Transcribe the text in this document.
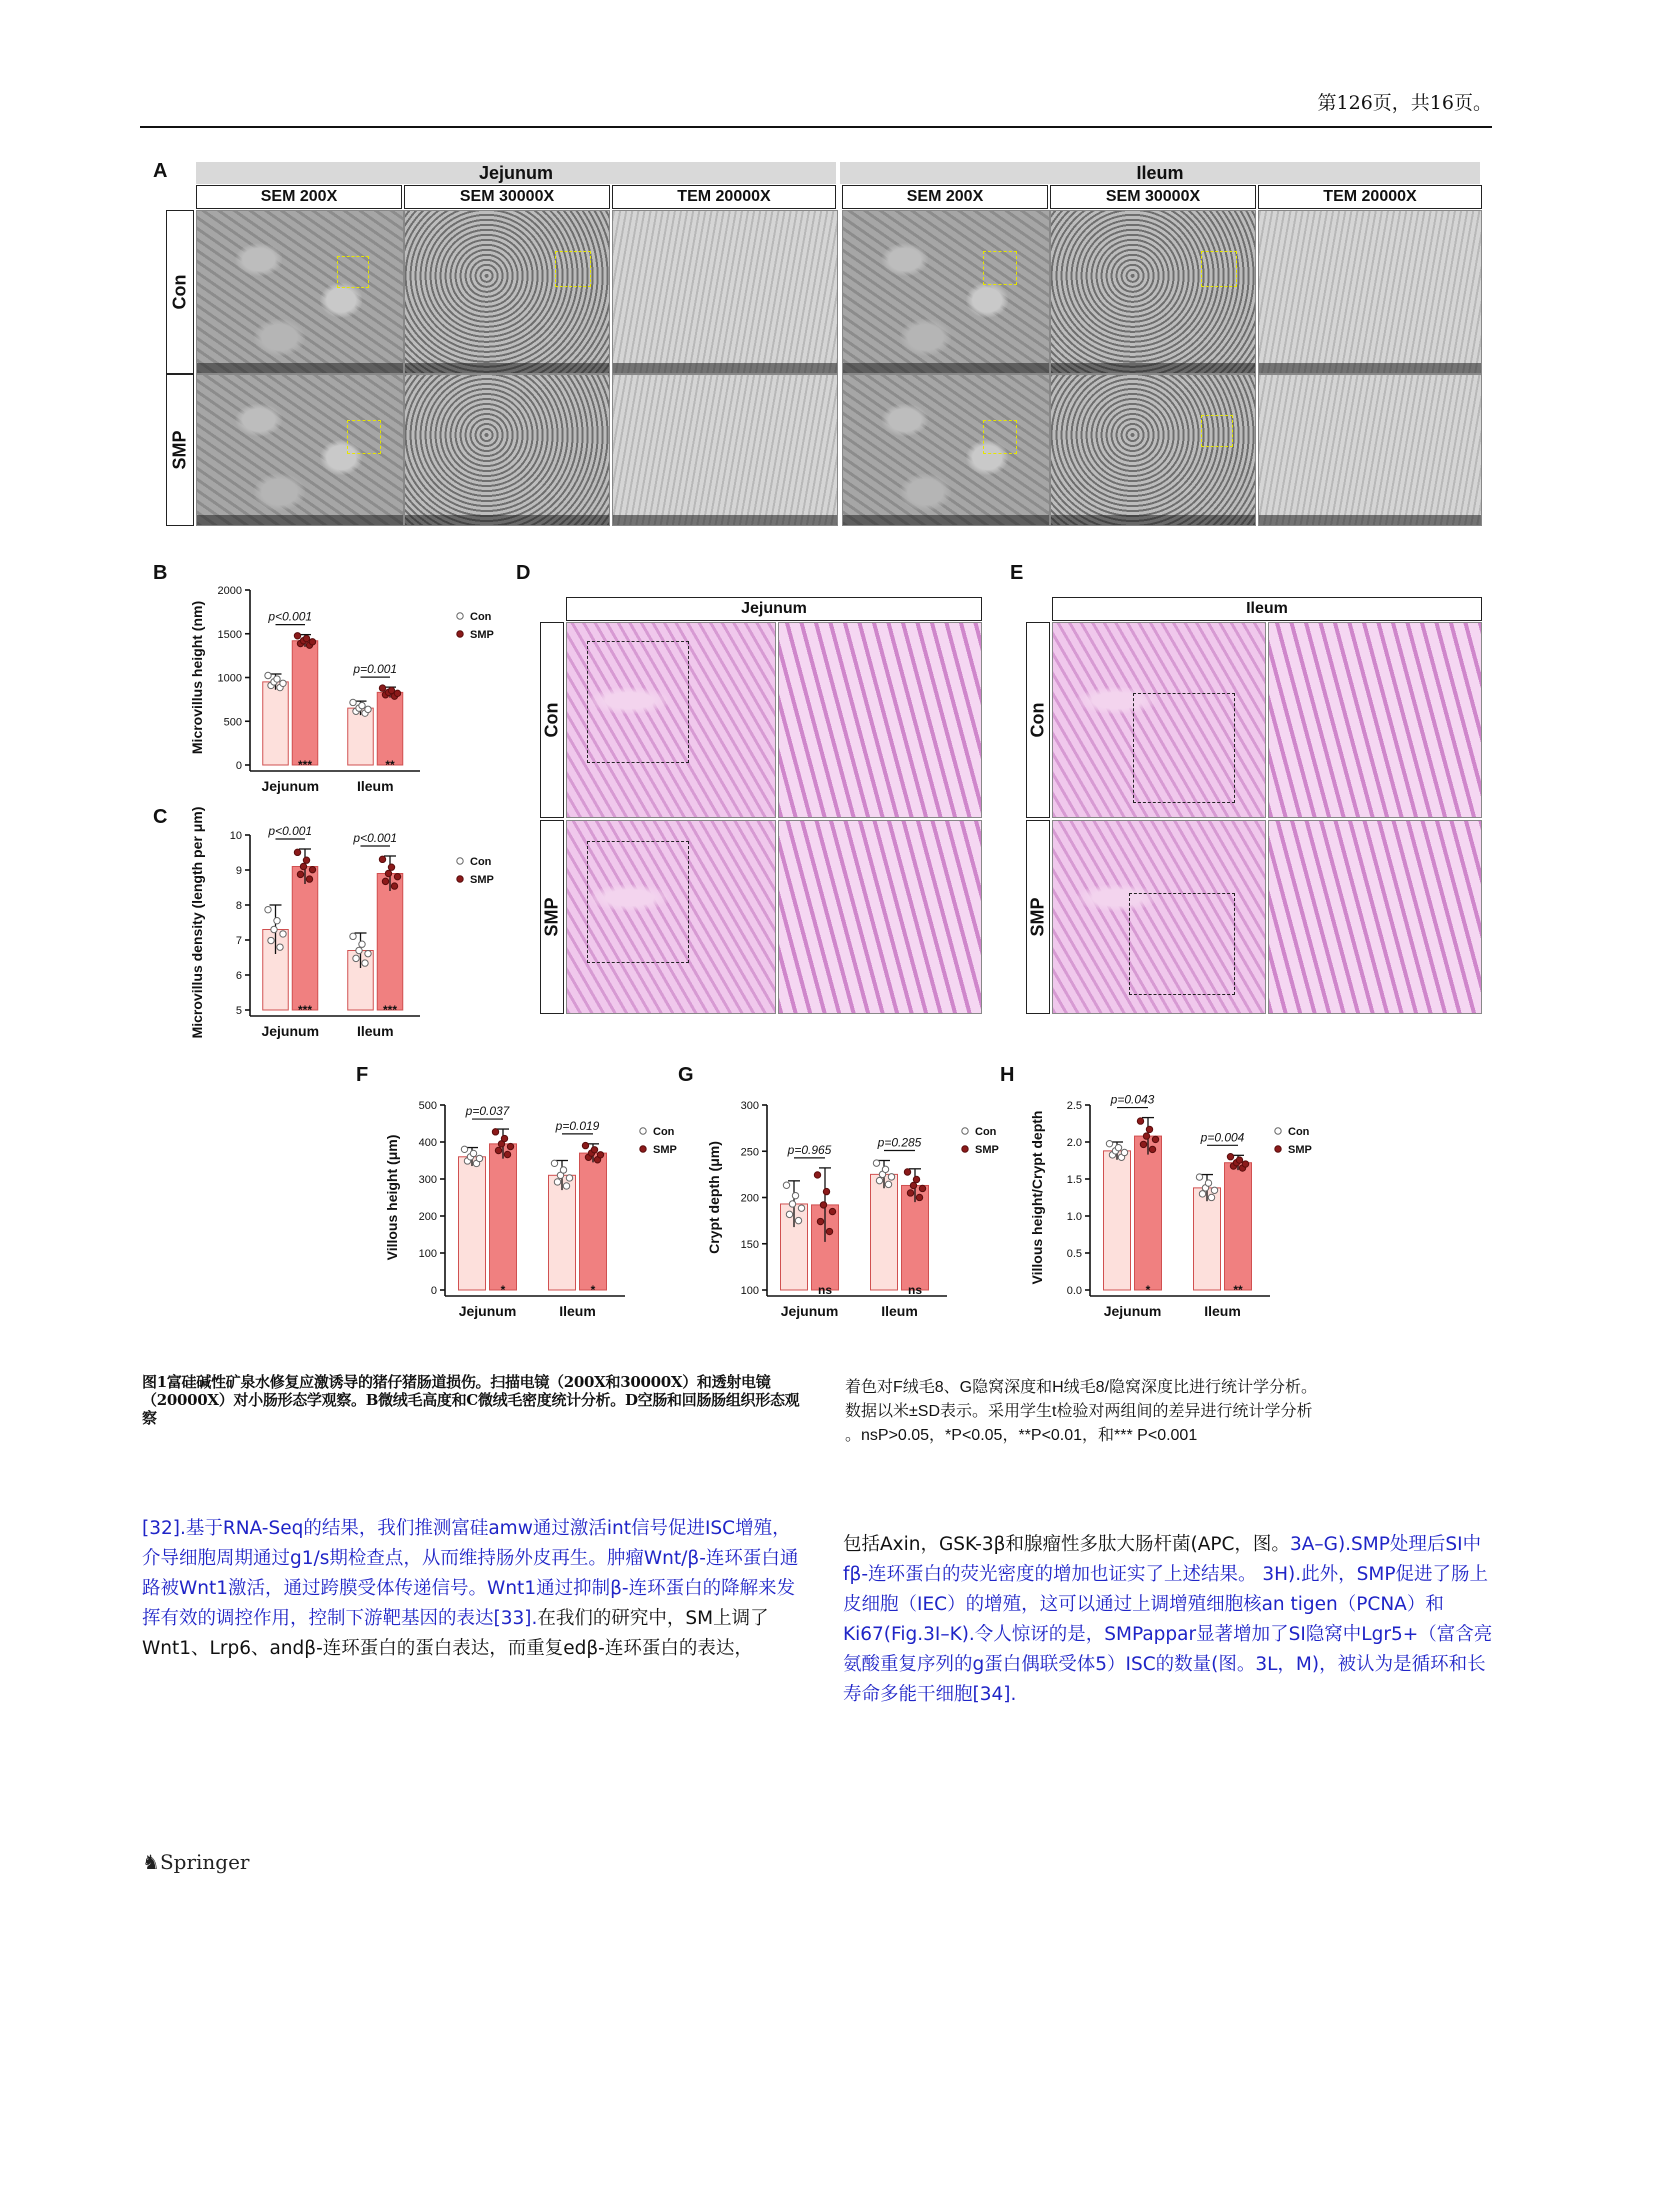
第126页，共16页。
A	Jejunum	Ileum
SEM 200X	SEM 30000X	TEM 20000X	SEM 200X	SEM 30000X	TEM 20000X
Con
SMP
B
C
F	G	H
0
500
1000
1500
2000
Microvillus height (nm)	p<0.001
***
Jejunum
p=0.001
**
Ileum
Con
SMP
5
6
7
8
9
10
Microvillus density (length per μm)	p<0.001
***
Jejunum
p<0.001
***
Ileum
Con
SMP
0
100
200
300
400
500
Villous height (μm)
p=0.037
*
Jejunum
p=0.019
*
Ileum
Con
SMP
100
150
200
250
300
Crypt depth (μm)	p=0.965
ns
Jejunum
p=0.285
ns
Ileum
Con
SMP
0.0
0.5
1.0
1.5
2.0
2.5
Villous height/Crypt depth
p=0.043
*
Jejunum
p=0.004
**
Ileum
Con
SMP
D
Jejunum
Con
SMP
E
Ileum
Con
SMP
图1富硅碱性矿泉水修复应激诱导的猪仔猪肠道损伤。扫描电镜（200X和30000X）和透射电镜（20000X）对小肠形态学观察。B微绒毛高度和C微绒毛密度统计分析。D空肠和回肠肠组织形态观察
着色对F绒毛8、G隐窝深度和H绒毛8/隐窝深度比进行统计学分析。
数据以米±SD表示。采用学生t检验对两组间的差异进行统计学分析
。nsP>0.05，*P<0.05，**P<0.01，和*** P<0.001
[32].基于RNA-Seq的结果，我们推测富硅amw通过激活int信号促进ISC增殖，介导细胞周期通过g1/s期检查点，从而维持肠外皮再生。肿瘤Wnt/β-连环蛋白通路被Wnt1激活，通过跨膜受体传递信号。Wnt1通过抑制β-连环蛋白的降解来发挥有效的调控作用，控制下游靶基因的表达[33].在我们的研究中，SM上调了Wnt1、Lrp6、andβ-连环蛋白的蛋白表达，而重复edβ-连环蛋白的表达，
包括Axin，GSK-3β和腺瘤性多肽大肠杆菌(APC，图。3A–G).SMP处理后SI中fβ-连环蛋白的荧光密度的增加也证实了上述结果。 3H).此外，SMP促进了肠上皮细胞（IEC）的增殖，这可以通过上调增殖细胞核an tigen（PCNA）和Ki67(Fig.3I–K).令人惊讶的是，SMPappar显著增加了SI隐窝中Lgr5+（富含亮氨酸重复序列的g蛋白偶联受体5）ISC的数量(图。3L，M)，被认为是循环和长寿命多能干细胞[34].
♞Springer
